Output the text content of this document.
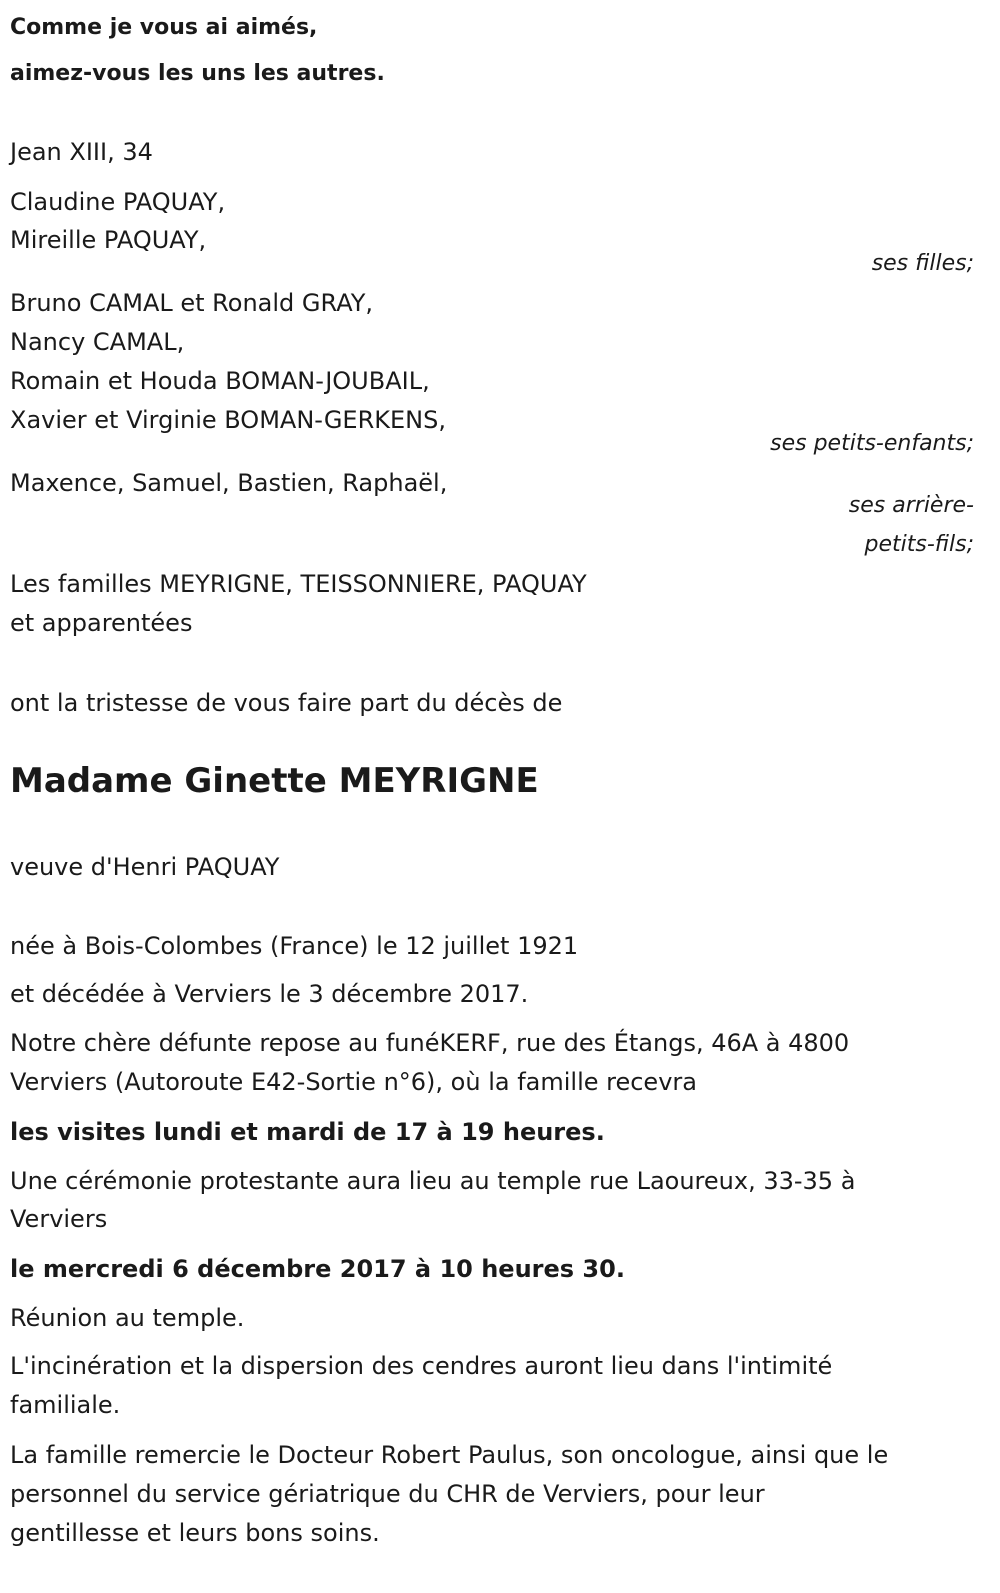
Comme je vous ai aimés,
aimez-vous les uns les autres.
Jean XIII, 34
Claudine PAQUAY,
Mireille PAQUAY,
ses filles;
Bruno CAMAL et Ronald GRAY,
Nancy CAMAL,
Romain et Houda BOMAN-JOUBAIL,
Xavier et Virginie BOMAN-GERKENS,
ses petits-enfants;
Maxence, Samuel, Bastien, Raphaël,
ses arrière-
petits-fils;
Les familles MEYRIGNE, TEISSONNIERE, PAQUAY
et apparentées
ont la tristesse de vous faire part du décès de
Madame Ginette MEYRIGNE
veuve d'Henri PAQUAY
née à Bois-Colombes (France) le 12 juillet 1921
et décédée à Verviers le 3 décembre 2017.
Notre chère défunte repose au funéKERF, rue des Étangs, 46A à 4800
Verviers (Autoroute E42-Sortie n°6), où la famille recevra
les visites lundi et mardi de 17 à 19 heures.
Une cérémonie protestante aura lieu au temple rue Laoureux, 33-35 à
Verviers
le mercredi 6 décembre 2017 à 10 heures 30.
Réunion au temple.
L'incinération et la dispersion des cendres auront lieu dans l'intimité
familiale.
La famille remercie le Docteur Robert Paulus, son oncologue, ainsi que le
personnel du service gériatrique du CHR de Verviers, pour leur
gentillesse et leurs bons soins.
